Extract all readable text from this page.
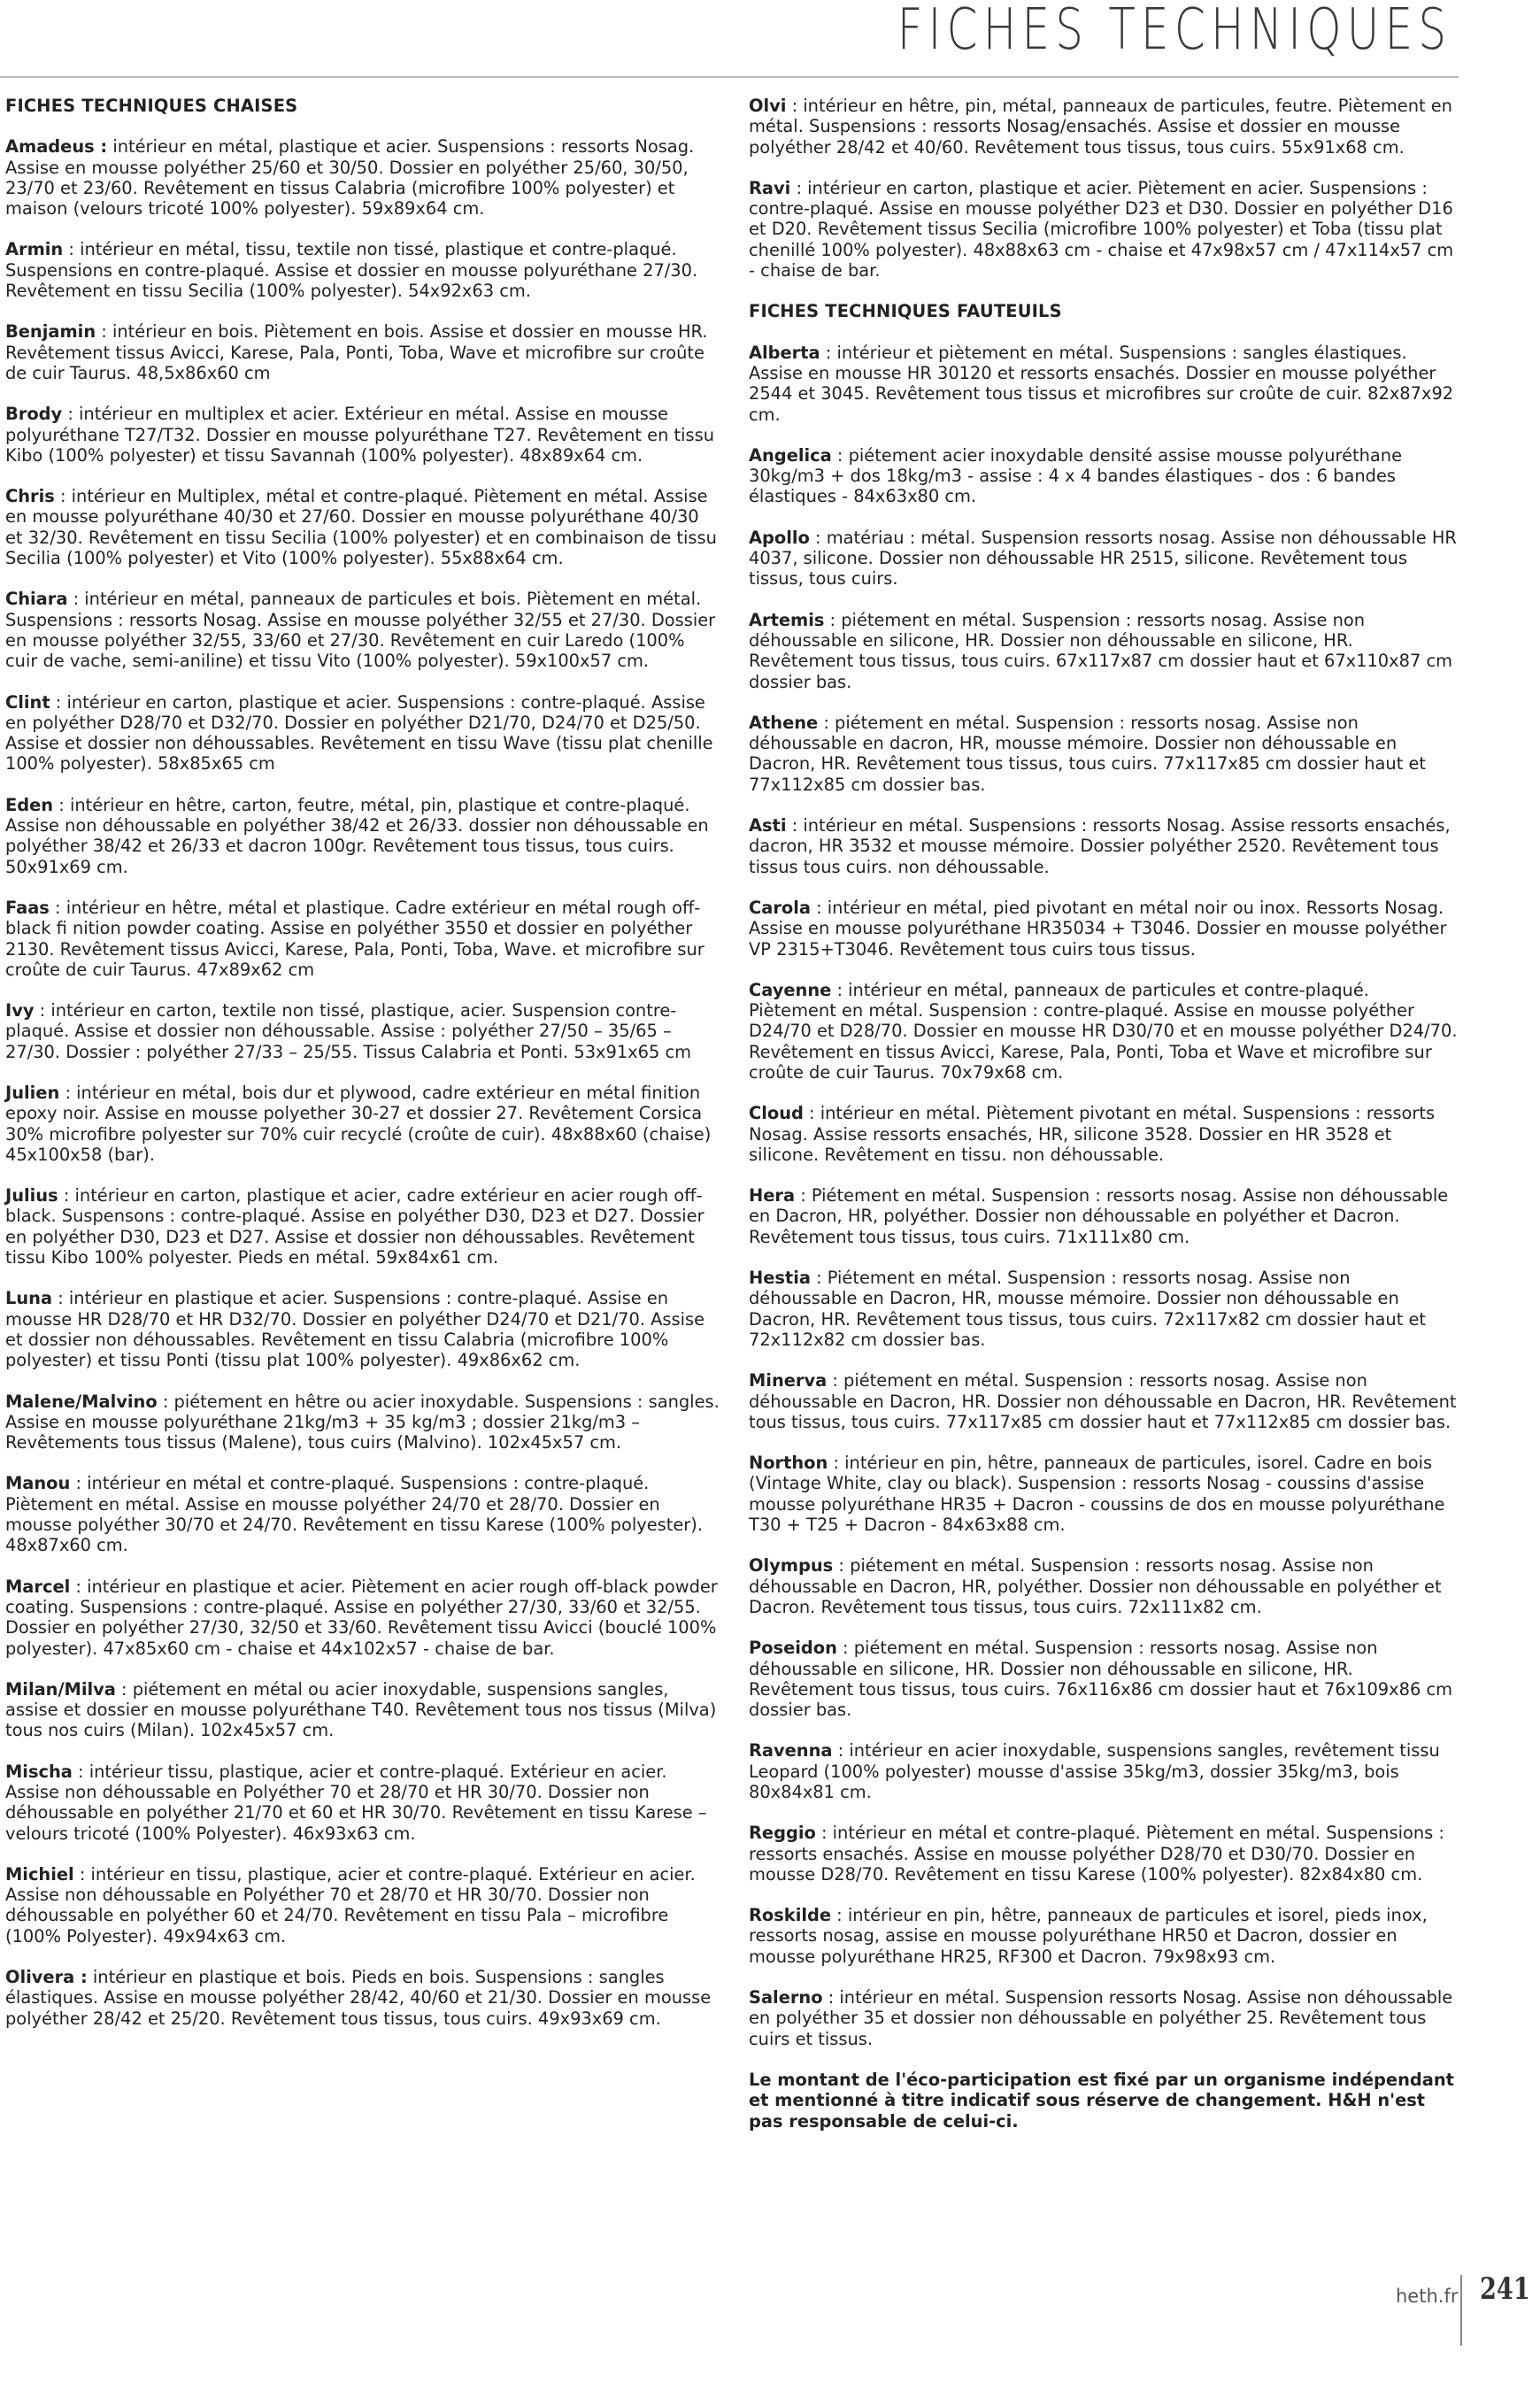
FICHES TECHNIQUES
FICHES TECHNIQUES CHAISES
Amadeus : intérieur en métal, plastique et acier. Suspensions : ressorts Nosag. Assise en mousse polyéther 25/60 et 30/50. Dossier en polyéther 25/60, 30/50, 23/70 et 23/60. Revêtement en tissus Calabria (microfibre 100% polyester) et maison (velours tricoté 100% polyester). 59x89x64 cm.
Armin : intérieur en métal, tissu, textile non tissé, plastique et contre-plaqué. Suspensions en contre-plaqué. Assise et dossier en mousse polyuréthane 27/30. Revêtement en tissu Secilia (100% polyester). 54x92x63 cm.
Benjamin : intérieur en bois. Piètement en bois. Assise et dossier en mousse HR. Revêtement tissus Avicci, Karese, Pala, Ponti, Toba, Wave et microfibre sur croûte de cuir Taurus. 48,5x86x60 cm
Brody : intérieur en multiplex et acier. Extérieur en métal. Assise en mousse polyuréthane T27/T32. Dossier en mousse polyuréthane T27. Revêtement en tissu Kibo (100% polyester) et tissu Savannah (100% polyester). 48x89x64 cm.
Chris : intérieur en Multiplex, métal et contre-plaqué. Piètement en métal. Assise en mousse polyuréthane 40/30 et 27/60. Dossier en mousse polyuréthane 40/30 et 32/30. Revêtement en tissu Secilia (100% polyester) et en combinaison de tissu Secilia (100% polyester) et Vito (100% polyester). 55x88x64 cm.
Chiara : intérieur en métal, panneaux de particules et bois. Piètement en métal. Suspensions : ressorts Nosag. Assise en mousse polyéther 32/55 et 27/30. Dossier en mousse polyéther 32/55, 33/60 et 27/30. Revêtement en cuir Laredo (100% cuir de vache, semi-aniline) et tissu Vito (100% polyester). 59x100x57 cm.
Clint : intérieur en carton, plastique et acier. Suspensions : contre-plaqué. Assise en polyéther D28/70 et D32/70. Dossier en polyéther D21/70, D24/70 et D25/50. Assise et dossier non déhoussables. Revêtement en tissu Wave (tissu plat chenille 100% polyester). 58x85x65 cm
Eden : intérieur en hêtre, carton, feutre, métal, pin, plastique et contre-plaqué. Assise non déhoussable en polyéther 38/42 et 26/33. dossier non déhoussable en polyéther 38/42 et 26/33 et dacron 100gr. Revêtement tous tissus, tous cuirs. 50x91x69 cm.
Faas : intérieur en hêtre, métal et plastique. Cadre extérieur en métal rough off-black fi nition powder coating. Assise en polyéther 3550 et dossier en polyéther 2130. Revêtement tissus Avicci, Karese, Pala, Ponti, Toba, Wave. et microfibre sur croûte de cuir Taurus. 47x89x62 cm
Ivy : intérieur en carton, textile non tissé, plastique, acier. Suspension contre-plaqué. Assise et dossier non déhoussable. Assise : polyéther 27/50 – 35/65 – 27/30. Dossier : polyéther 27/33 – 25/55. Tissus Calabria et Ponti. 53x91x65 cm
Julien : intérieur en métal, bois dur et plywood, cadre extérieur en métal finition epoxy noir. Assise en mousse polyether 30-27 et dossier 27. Revêtement Corsica 30% microfibre polyester sur 70% cuir recyclé (croûte de cuir). 48x88x60 (chaise) 45x100x58 (bar).
Julius : intérieur en carton, plastique et acier, cadre extérieur en acier rough off-black. Suspensons : contre-plaqué. Assise en polyéther D30, D23 et D27. Dossier en polyéther D30, D23 et D27. Assise et dossier non déhoussables. Revêtement tissu Kibo 100% polyester. Pieds en métal. 59x84x61 cm.
Luna : intérieur en plastique et acier. Suspensions : contre-plaqué. Assise en mousse HR D28/70 et HR D32/70. Dossier en polyéther D24/70 et D21/70. Assise et dossier non déhoussables. Revêtement en tissu Calabria (microfibre 100% polyester) et tissu Ponti (tissu plat 100% polyester). 49x86x62 cm.
Malene/Malvino : piétement en hêtre ou acier inoxydable. Suspensions : sangles. Assise en mousse polyuréthane 21kg/m3 + 35 kg/m3 ; dossier 21kg/m3 –Revêtements tous tissus (Malene), tous cuirs (Malvino). 102x45x57 cm.
Manou : intérieur en métal et contre-plaqué. Suspensions : contre-plaqué. Piètement en métal. Assise en mousse polyéther 24/70 et 28/70. Dossier en mousse polyéther 30/70 et 24/70. Revêtement en tissu Karese (100% polyester). 48x87x60 cm.
Marcel : intérieur en plastique et acier. Piètement en acier rough off-black powder coating. Suspensions : contre-plaqué. Assise en polyéther 27/30, 33/60 et 32/55. Dossier en polyéther 27/30, 32/50 et 33/60. Revêtement tissu Avicci (bouclé 100% polyester). 47x85x60 cm - chaise et 44x102x57 - chaise de bar.
Milan/Milva : piétement en métal ou acier inoxydable, suspensions sangles, assise et dossier en mousse polyuréthane T40. Revêtement tous nos tissus (Milva) tous nos cuirs (Milan). 102x45x57 cm.
Mischa : intérieur tissu, plastique, acier et contre-plaqué. Extérieur en acier. Assise non déhoussable en Polyéther 70 et 28/70 et HR 30/70. Dossier non déhoussable en polyéther 21/70 et 60 et HR 30/70. Revêtement en tissu Karese – velours tricoté (100% Polyester). 46x93x63 cm.
Michiel : intérieur en tissu, plastique, acier et contre-plaqué. Extérieur en acier. Assise non déhoussable en Polyéther 70 et 28/70 et HR 30/70. Dossier non déhoussable en polyéther 60 et 24/70. Revêtement en tissu Pala – microfibre (100% Polyester). 49x94x63 cm.
Olivera : intérieur en plastique et bois. Pieds en bois. Suspensions : sangles élastiques. Assise en mousse polyéther 28/42, 40/60 et 21/30. Dossier en mousse polyéther 28/42 et 25/20. Revêtement tous tissus, tous cuirs. 49x93x69 cm.
Olvi : intérieur en hêtre, pin, métal, panneaux de particules, feutre. Piètement en métal. Suspensions : ressorts Nosag/ensachés. Assise et dossier en mousse polyéther 28/42 et 40/60. Revêtement tous tissus, tous cuirs. 55x91x68 cm.
Ravi : intérieur en carton, plastique et acier. Piètement en acier. Suspensions : contre-plaqué. Assise en mousse polyéther D23 et D30. Dossier en polyéther D16 et D20. Revêtement tissus Secilia (microfibre 100% polyester) et Toba (tissu plat chenillé 100% polyester). 48x88x63 cm - chaise et 47x98x57 cm / 47x114x57 cm - chaise de bar.
FICHES TECHNIQUES FAUTEUILS
Alberta : intérieur et piètement en métal. Suspensions : sangles élastiques. Assise en mousse HR 30120 et ressorts ensachés. Dossier en mousse polyéther 2544 et 3045. Revêtement tous tissus et microfibres sur croûte de cuir. 82x87x92 cm.
Angelica : piétement acier inoxydable densité assise mousse polyuréthane 30kg/m3 + dos 18kg/m3 - assise : 4 x 4 bandes élastiques - dos : 6 bandes élastiques - 84x63x80 cm.
Apollo : matériau : métal. Suspension ressorts nosag. Assise non déhoussable HR 4037, silicone. Dossier non déhoussable HR 2515, silicone. Revêtement tous tissus, tous cuirs.
Artemis : piétement en métal. Suspension : ressorts nosag. Assise non déhoussable en silicone, HR. Dossier non déhoussable en silicone, HR. Revêtement tous tissus, tous cuirs. 67x117x87 cm dossier haut et 67x110x87 cm dossier bas.
Athene : piétement en métal. Suspension : ressorts nosag. Assise non déhoussable en dacron, HR, mousse mémoire. Dossier non déhoussable en Dacron, HR. Revêtement tous tissus, tous cuirs. 77x117x85 cm dossier haut et 77x112x85 cm dossier bas.
Asti : intérieur en métal. Suspensions : ressorts Nosag. Assise ressorts ensachés, dacron, HR 3532 et mousse mémoire. Dossier polyéther 2520. Revêtement tous tissus tous cuirs. non déhoussable.
Carola : intérieur en métal, pied pivotant en métal noir ou inox. Ressorts Nosag. Assise en mousse polyuréthane HR35034 + T3046. Dossier en mousse polyéther VP 2315+T3046. Revêtement tous cuirs tous tissus.
Cayenne : intérieur en métal, panneaux de particules et contre-plaqué. Piètement en métal. Suspension : contre-plaqué. Assise en mousse polyéther D24/70 et D28/70. Dossier en mousse HR D30/70 et en mousse polyéther D24/70. Revêtement en tissus Avicci, Karese, Pala, Ponti, Toba et Wave et microfibre sur croûte de cuir Taurus. 70x79x68 cm.
Cloud : intérieur en métal. Piètement pivotant en métal. Suspensions : ressorts Nosag. Assise ressorts ensachés, HR, silicone 3528. Dossier en HR 3528 et silicone. Revêtement en tissu. non déhoussable.
Hera : Piétement en métal. Suspension : ressorts nosag. Assise non déhoussable en Dacron, HR, polyéther. Dossier non déhoussable en polyéther et Dacron. Revêtement tous tissus, tous cuirs. 71x111x80 cm.
Hestia : Piétement en métal. Suspension : ressorts nosag. Assise non déhoussable en Dacron, HR, mousse mémoire. Dossier non déhoussable en Dacron, HR. Revêtement tous tissus, tous cuirs. 72x117x82 cm dossier haut et 72x112x82 cm dossier bas.
Minerva : piétement en métal. Suspension : ressorts nosag. Assise non déhoussable en Dacron, HR. Dossier non déhoussable en Dacron, HR. Revêtement tous tissus, tous cuirs. 77x117x85 cm dossier haut et 77x112x85 cm dossier bas.
Northon : intérieur en pin, hêtre, panneaux de particules, isorel. Cadre en bois (Vintage White, clay ou black). Suspension : ressorts Nosag - coussins d'assise mousse polyuréthane HR35 + Dacron - coussins de dos en mousse polyuréthane T30 + T25 + Dacron - 84x63x88 cm.
Olympus : piétement en métal. Suspension : ressorts nosag. Assise non déhoussable en Dacron, HR, polyéther. Dossier non déhoussable en polyéther et Dacron. Revêtement tous tissus, tous cuirs. 72x111x82 cm.
Poseidon : piétement en métal. Suspension : ressorts nosag. Assise non déhoussable en silicone, HR. Dossier non déhoussable en silicone, HR. Revêtement tous tissus, tous cuirs. 76x116x86 cm dossier haut et 76x109x86 cm dossier bas.
Ravenna : intérieur en acier inoxydable, suspensions sangles, revêtement tissu Leopard (100% polyester) mousse d'assise 35kg/m3, dossier 35kg/m3, bois 80x84x81 cm.
Reggio : intérieur en métal et contre-plaqué. Piètement en métal. Suspensions : ressorts ensachés. Assise en mousse polyéther D28/70 et D30/70. Dossier en mousse D28/70. Revêtement en tissu Karese (100% polyester). 82x84x80 cm.
Roskilde : intérieur en pin, hêtre, panneaux de particules et isorel, pieds inox, ressorts nosag, assise en mousse polyuréthane HR50 et Dacron, dossier en mousse polyuréthane HR25, RF300 et Dacron. 79x98x93 cm.
Salerno : intérieur en métal. Suspension ressorts Nosag. Assise non déhoussable en polyéther 35 et dossier non déhoussable en polyéther 25. Revêtement tous cuirs et tissus.
Le montant de l'éco-participation est fixé par un organisme indépendant et mentionné à titre indicatif sous réserve de changement. H&H n'est pas responsable de celui-ci.
heth.fr 241
